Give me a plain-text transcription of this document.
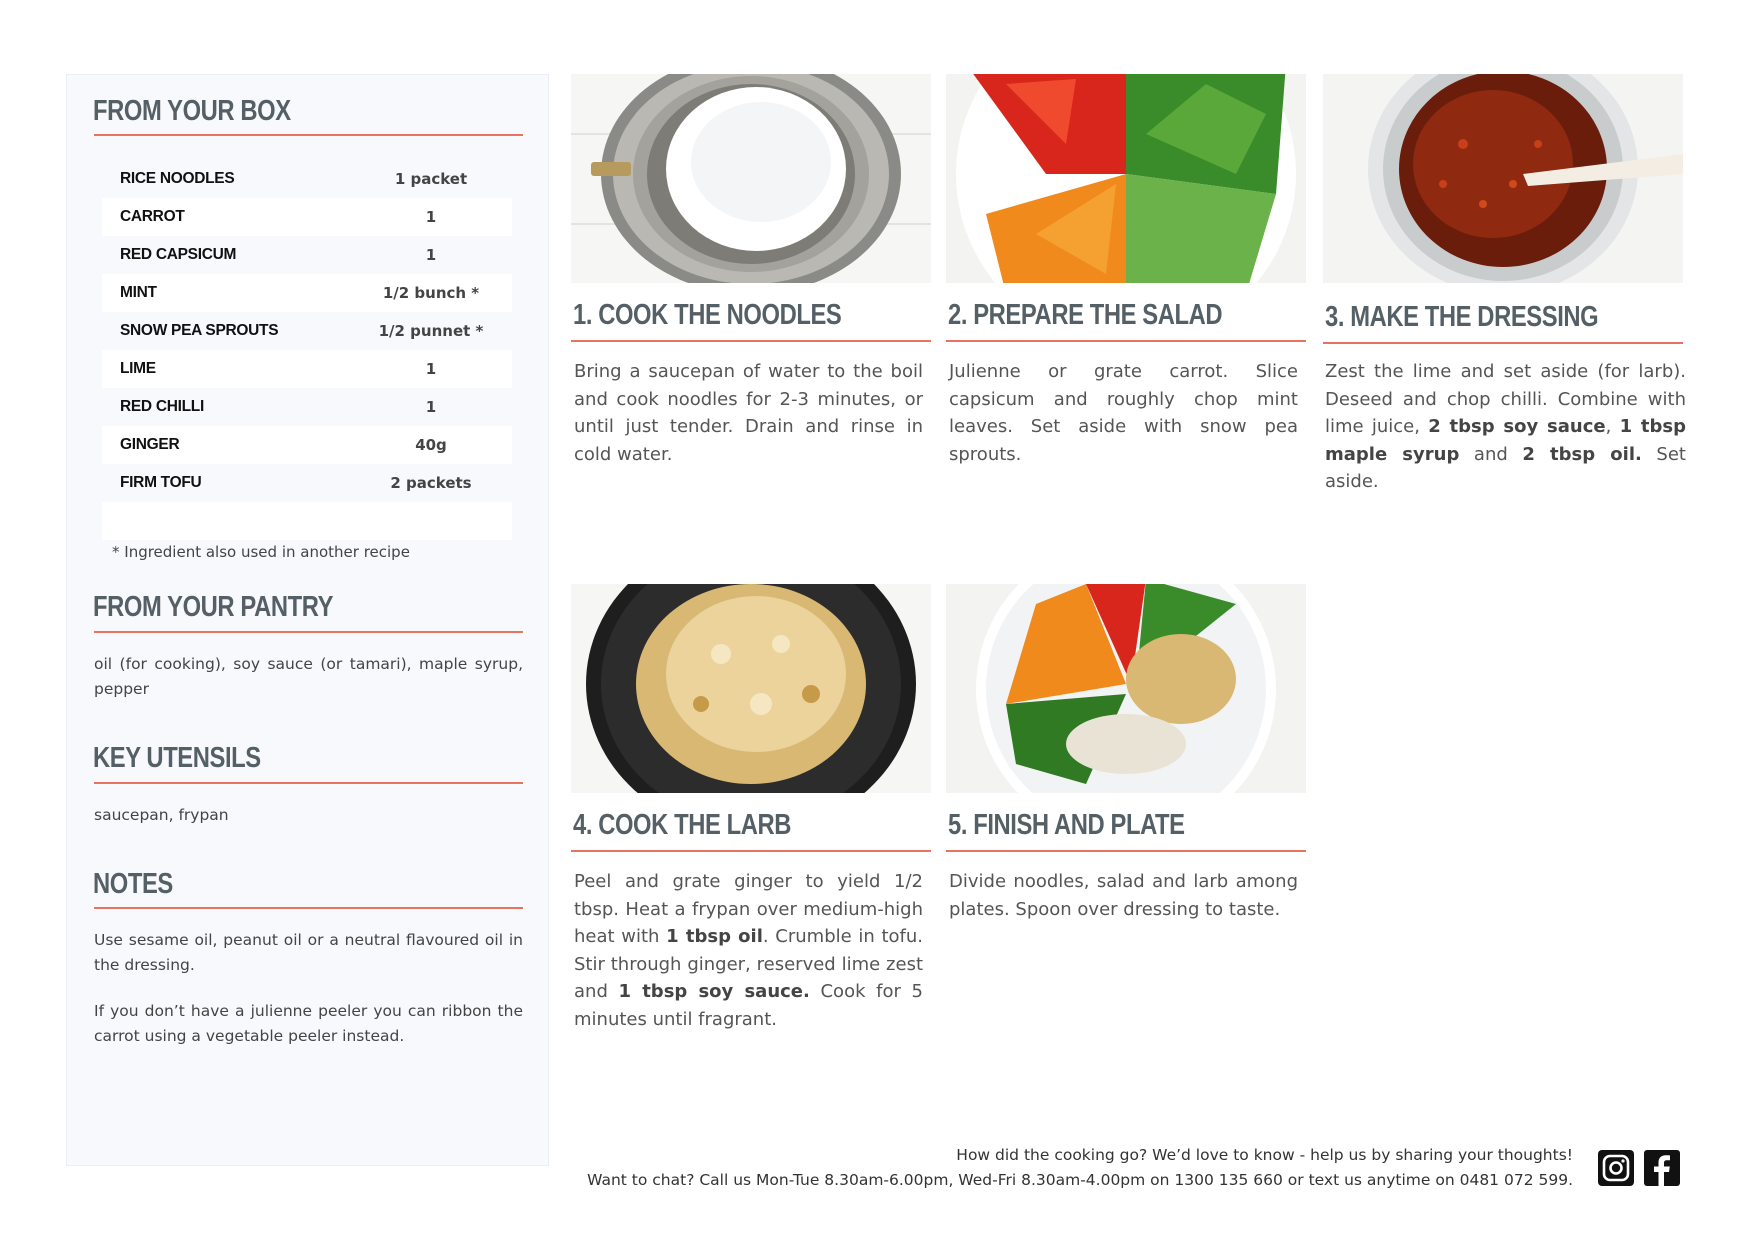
FROM YOUR BOX
RICE NOODLES	1 packet
CARROT	1
RED CAPSICUM	1
MINT	1/2 bunch *
SNOW PEA SPROUTS	1/2 punnet *
LIME	1
RED CHILLI	1
GINGER	40g
FIRM TOFU	2 packets
* Ingredient also used in another recipe
FROM YOUR PANTRY
oil (for cooking), soy sauce (or tamari), maple syrup, pepper
KEY UTENSILS
saucepan, frypan
NOTES
Use sesame oil, peanut oil or a neutral flavoured oil in the dressing.
If you don’t have a julienne peeler you can ribbon the carrot using a vegetable peeler instead.
1. COOK THE NOODLES
Bring a saucepan of water to the boil and cook noodles for 2-3 minutes, or until just tender. Drain and rinse in cold water.
2. PREPARE THE SALAD
Julienne or grate carrot. Slice capsicum and roughly chop mint leaves. Set aside with snow pea sprouts.
3. MAKE THE DRESSING
Zest the lime and set aside (for larb). Deseed and chop chilli. Combine with lime juice, 2 tbsp soy sauce, 1 tbsp maple syrup and 2 tbsp oil. Set aside.
4. COOK THE LARB
Peel and grate ginger to yield 1/2 tbsp. Heat a frypan over medium-high heat with 1 tbsp oil. Crumble in tofu. Stir through ginger, reserved lime zest and 1 tbsp soy sauce. Cook for 5 minutes until fragrant.
5. FINISH AND PLATE
Divide noodles, salad and larb among plates. Spoon over dressing to taste.
How did the cooking go? We’d love to know - help us by sharing your thoughts!
Want to chat? Call us Mon-Tue 8.30am-6.00pm, Wed-Fri 8.30am-4.00pm on 1300 135 660 or text us anytime on 0481 072 599.
